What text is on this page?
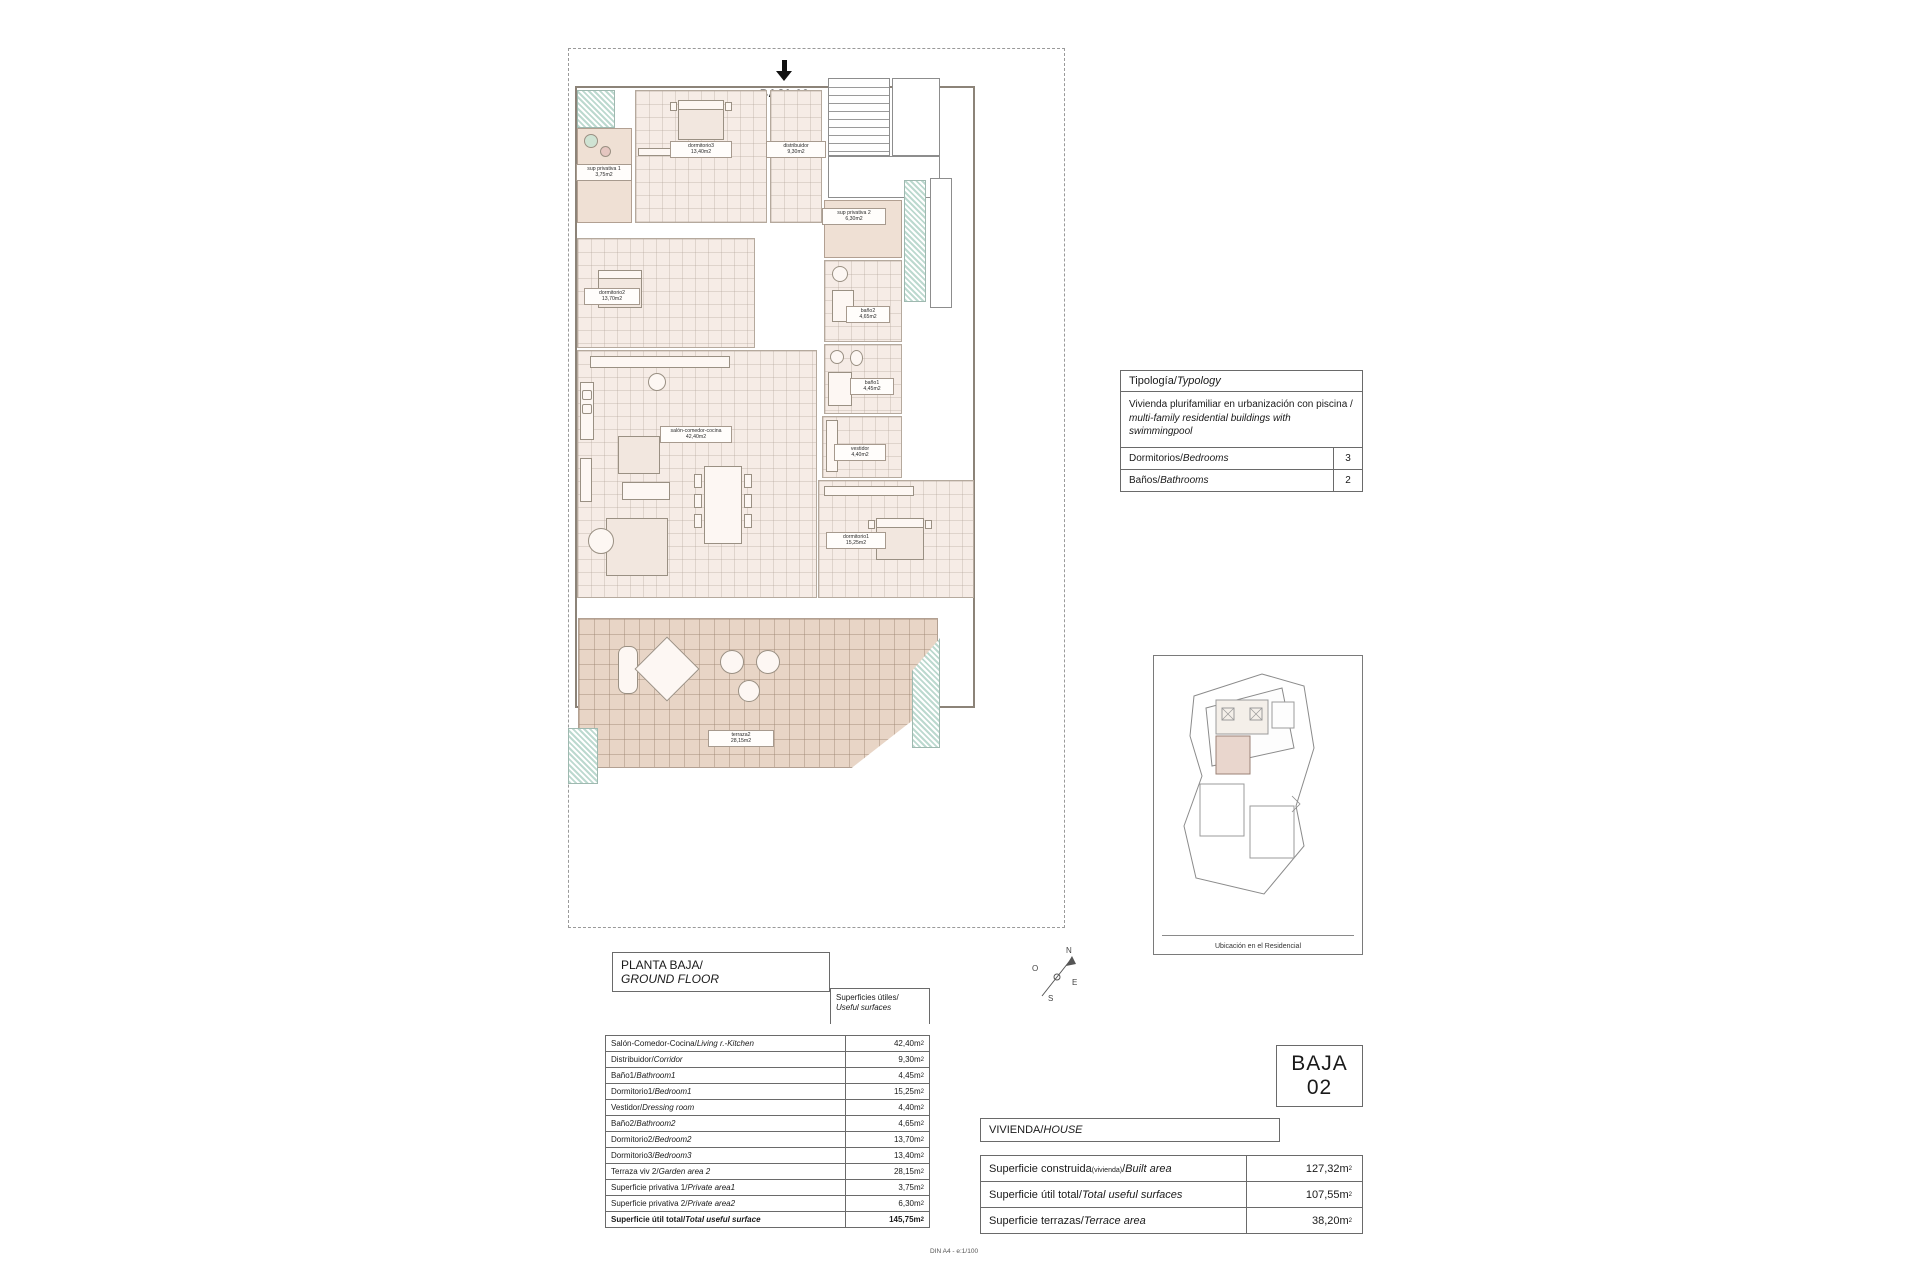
sup privativa 1
3,75m2
dormitorio3
13,40m2
distribuidor
9,30m2
sup privativa 2
6,30m2
baño2
4,65m2
dormitorio2
13,70m2
baño1
4,45m2
salón-comedor-cocina
42,40m2
vestidor
4,40m2
dormitorio1
15,25m2
terraza2
28,15m2
PLANTA BAJA/
GROUND FLOOR
Superficies útiles/
Useful surfaces
Salón-Comedor-Cocina/Living r.-Kitchen	42,40m 2
Distribuidor/Corridor	9,30m 2
Baño1/Bathroom1	4,45m 2
Dormitorio1/Bedroom1	15,25m 2
Vestidor/Dressing room	4,40m 2
Baño2/Bathroom2	4,65m 2
Dormitorio2/Bedroom2	13,70m 2
Dormitorio3/Bedroom3	13,40m 2
Terraza viv 2/Garden area 2	28,15m 2
Superficie privativa 1/Private area1	3,75m 2
Superficie privativa 2/Private area2	6,30m 2
Superficie útil total/Total useful surface	145,75m 2
DIN A4 - e:1/100
N
E
S
O
Tipología/Typology
Vivienda plurifamiliar en urbanización con piscina /
multi-family residential buildings with swimmingpool
Dormitorios/Bedrooms	3
Baños/Bathrooms	2
Ubicación en el Residencial
BAJA
02
VIVIENDA/HOUSE
Superficie construida(vivienda)/Built area	127,32m 2
Superficie útil total/Total useful surfaces	107,55m 2
Superficie terrazas/Terrace area	38,20m 2
